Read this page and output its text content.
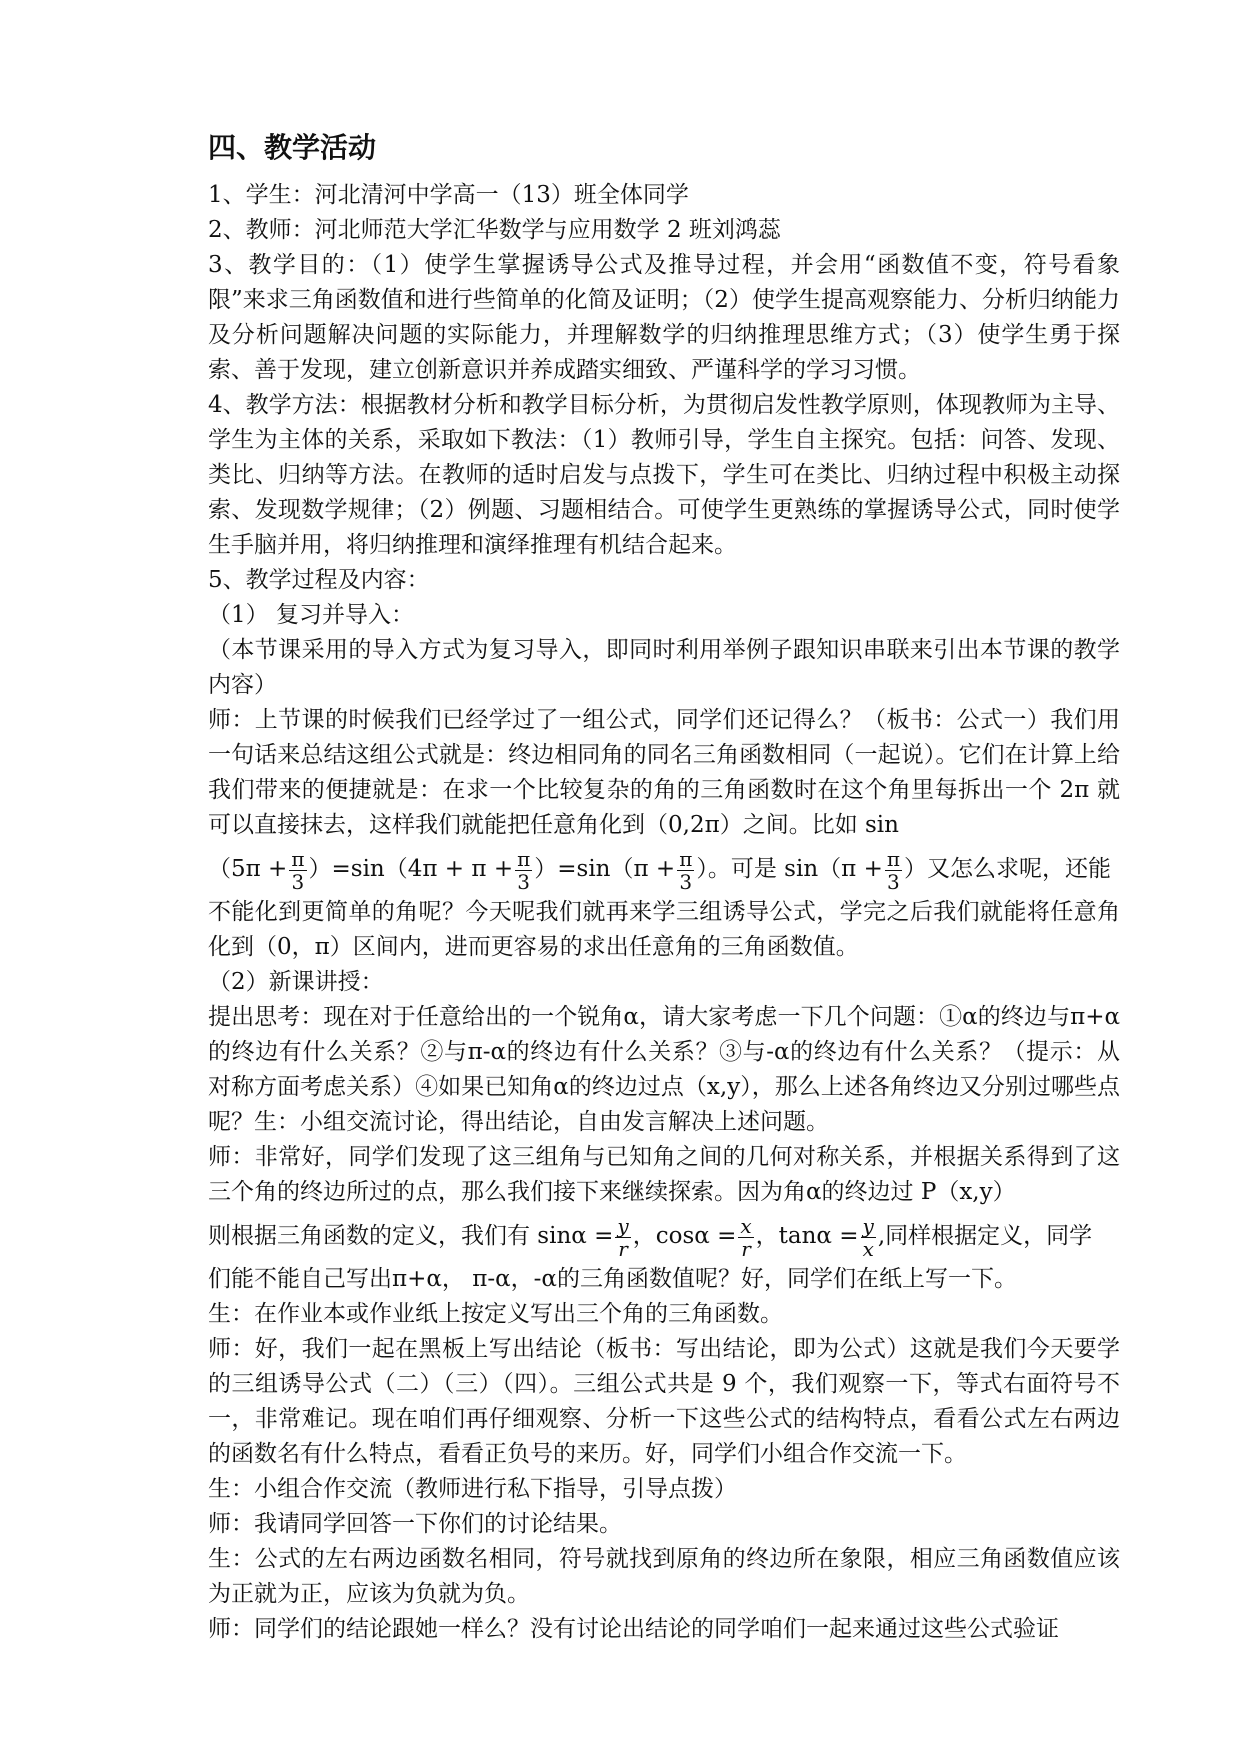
四、教学活动

1、学生：河北清河中学高一（13）班全体同学

2、教师：河北师范大学汇华数学与应用数学 2 班刘鸿蕊

3、教学目的：（1）使学生掌握诱导公式及推导过程，并会用“函数值不变，符号看象限”来求三角函数值和进行些简单的化简及证明；（2）使学生提高观察能力、分析归纳能力及分析问题解决问题的实际能力，并理解数学的归纳推理思维方式；（3）使学生勇于探索、善于发现，建立创新意识并养成踏实细致、严谨科学的学习习惯。

4、教学方法：根据教材分析和教学目标分析，为贯彻启发性教学原则，体现教师为主导、学生为主体的关系，采取如下教法：（1）教师引导，学生自主探究。包括：问答、发现、类比、归纳等方法。在教师的适时启发与点拨下，学生可在类比、归纳过程中积极主动探索、发现数学规律；（2）例题、习题相结合。可使学生更熟练的掌握诱导公式，同时使学生手脑并用，将归纳推理和演绎推理有机结合起来。

5、教学过程及内容：

（1） 复习并导入：

（本节课采用的导入方式为复习导入，即同时利用举例子跟知识串联来引出本节课的教学内容）

师：上节课的时候我们已经学过了一组公式，同学们还记得么？（板书：公式一）我们用一句话来总结这组公式就是：终边相同角的同名三角函数相同（一起说）。它们在计算上给我们带来的便捷就是：在求一个比较复杂的角的三角函数时在这个角里每拆出一个 2π 就可以直接抹去，这样我们就能把任意角化到（0,2π）之间。比如 sin
$(5\pi + \frac{\pi}{3} )=\sin(4\pi + \pi + \frac{\pi}{3} )=\sin(\pi + \frac{\pi}{3}$ ）。可是 $\sin(\pi + \frac{\pi}{3}$ ）又怎么求呢，还能
不能化到更简单的角呢？今天呢我们就再来学三组诱导公式，学完之后我们就能将任意角化到（0，π）区间内，进而更容易的求出任意角的三角函数值。

（2）新课讲授：

提出思考：现在对于任意给出的一个锐角α，请大家考虑一下几个问题：①α的终边与π+α的终边有什么关系？②与π-α的终边有什么关系？③与-α的终边有什么关系？（提示：从对称方面考虑关系）④如果已知角α的终边过点（x,y），那么上述各角终边又分别过哪些点呢？生：小组交流讨论，得出结论，自由发言解决上述问题。

师：非常好，同学们发现了这三组角与已知角之间的几何对称关系，并根据关系得到了这三个角的终边所过的点，那么我们接下来继续探索。因为角α的终边过 P（x,y）
则根据三角函数的定义，我们有 $\sin\alpha = \frac{y}{r}$ ，$\cos\alpha = \frac{x}{r}$ ，$\tan\alpha = \frac{y}{x}$ ,同样根据定义，同学
们能不能自己写出π+α， π-α，-α的三角函数值呢？好，同学们在纸上写一下。

生：在作业本或作业纸上按定义写出三个角的三角函数。

师：好，我们一起在黑板上写出结论（板书：写出结论，即为公式）这就是我们今天要学的三组诱导公式（二）（三）（四）。三组公式共是 9 个，我们观察一下，等式右面符号不一，非常难记。现在咱们再仔细观察、分析一下这些公式的结构特点，看看公式左右两边的函数名有什么特点，看看正负号的来历。好，同学们小组合作交流一下。

生：小组合作交流（教师进行私下指导，引导点拨）

师：我请同学回答一下你们的讨论结果。

生：公式的左右两边函数名相同，符号就找到原角的终边所在象限，相应三角函数值应该为正就为正，应该为负就为负。

师：同学们的结论跟她一样么？没有讨论出结论的同学咱们一起来通过这些公式验证
